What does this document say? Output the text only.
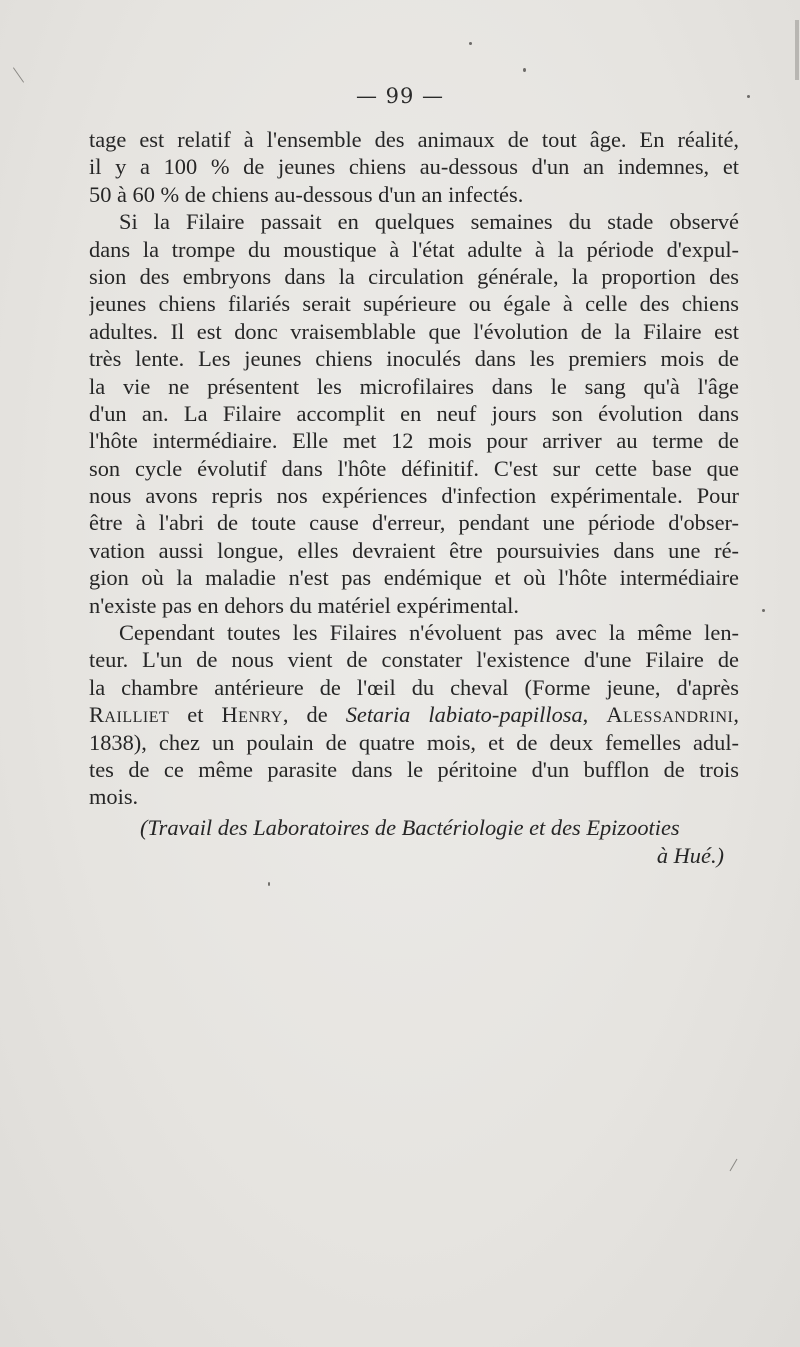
— 99 —
tage est relatif à l'ensemble des animaux de tout âge. En réalité,
il y a 100 % de jeunes chiens au-dessous d'un an indemnes, et
50 à 60 % de chiens au-dessous d'un an infectés.
Si la Filaire passait en quelques semaines du stade observé
dans la trompe du moustique à l'état adulte à la période d'expul-
sion des embryons dans la circulation générale, la proportion des
jeunes chiens filariés serait supérieure ou égale à celle des chiens
adultes. Il est donc vraisemblable que l'évolution de la Filaire est
très lente. Les jeunes chiens inoculés dans les premiers mois de
la vie ne présentent les microfilaires dans le sang qu'à l'âge
d'un an. La Filaire accomplit en neuf jours son évolution dans
l'hôte intermédiaire. Elle met 12 mois pour arriver au terme de
son cycle évolutif dans l'hôte définitif. C'est sur cette base que
nous avons repris nos expériences d'infection expérimentale. Pour
être à l'abri de toute cause d'erreur, pendant une période d'obser-
vation aussi longue, elles devraient être poursuivies dans une ré-
gion où la maladie n'est pas endémique et où l'hôte intermédiaire
n'existe pas en dehors du matériel expérimental.
Cependant toutes les Filaires n'évoluent pas avec la même len-
teur. L'un de nous vient de constater l'existence d'une Filaire de
la chambre antérieure de l'œil du cheval (Forme jeune, d'après
Railliet et Henry, de Setaria labiato-papillosa, Alessandrini,
1838), chez un poulain de quatre mois, et de deux femelles adul-
tes de ce même parasite dans le péritoine d'un bufflon de trois
mois.
(Travail des Laboratoires de Bactériologie et des Epizooties
à Hué.)
